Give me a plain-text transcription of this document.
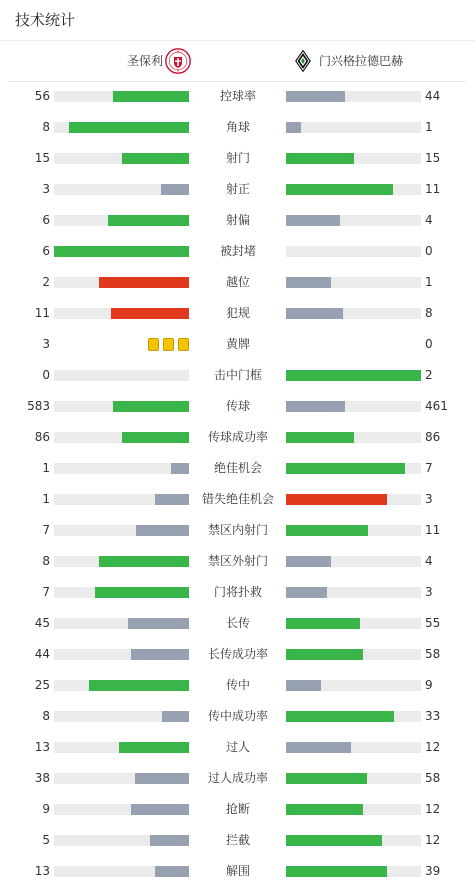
技术统计
圣保利	门兴格拉德巴赫
56	控球率	44
8	角球	1
15	射门	15
3	射正	11
6	射偏	4
6	被封堵	0
2	越位	1
11	犯规	8
3	黄牌	0
0	击中门框	2
583	传球	461
86	传球成功率	86
1	绝佳机会	7
1	错失绝佳机会	3
7	禁区内射门	11
8	禁区外射门	4
7	门将扑救	3
45	长传	55
44	长传成功率	58
25	传中	9
8	传中成功率	33
13	过人	12
38	过人成功率	58
9	抢断	12
5	拦截	12
13	解围	39
